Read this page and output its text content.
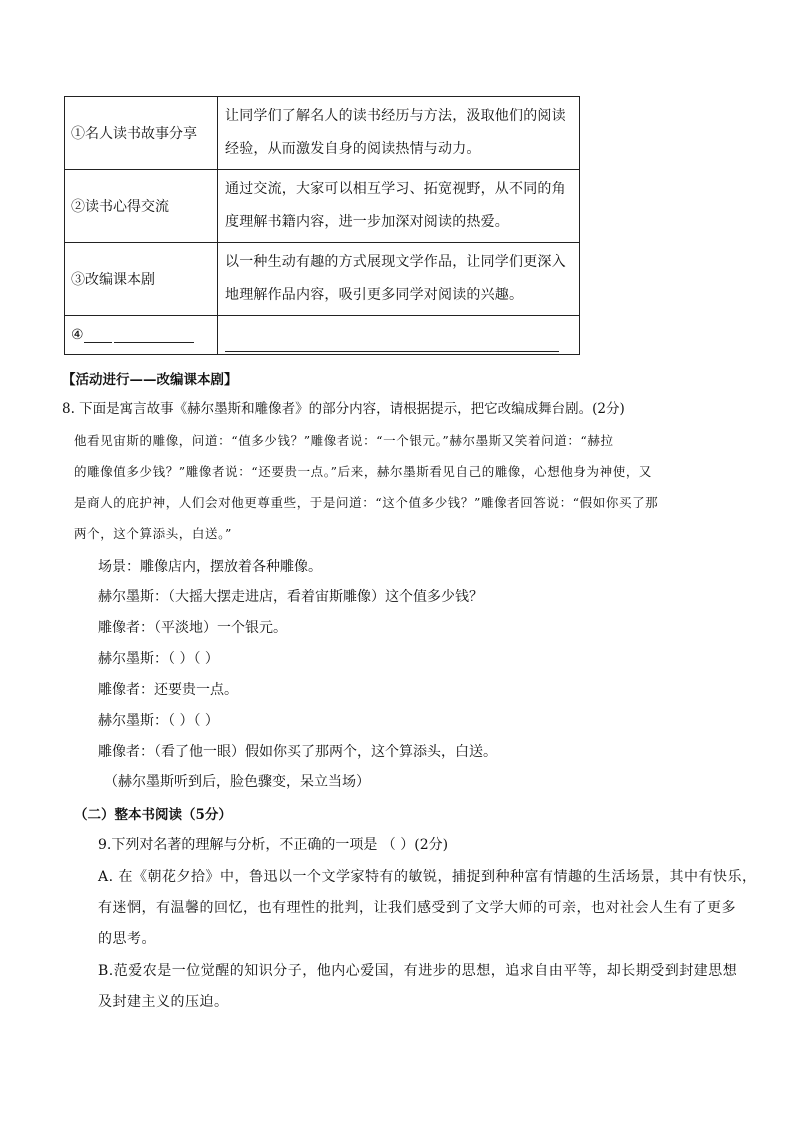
①名人读书故事分享	让同学们了解名人的读书经历与方法，汲取他们的阅读
经验，从而激发自身的阅读热情与动力。

②读书心得交流	通过交流，大家可以相互学习、拓宽视野，从不同的角
度理解书籍内容，进一步加深对阅读的热爱。

③改编课本剧	以一种生动有趣的方式展现文学作品，让同学们更深入
地理解作品内容，吸引更多同学对阅读的兴趣。

④	
【活动进行——改编课本剧】
8. 下面是寓言故事《赫尔墨斯和雕像者》的部分内容，请根据提示，把它改编成舞台剧。(2分)
他看见宙斯的雕像，问道：“值多少钱？”雕像者说：“一个银元。”赫尔墨斯又笑着问道：“赫拉
的雕像值多少钱？”雕像者说：“还要贵一点。”后来，赫尔墨斯看见自己的雕像，心想他身为神使，又
是商人的庇护神，人们会对他更尊重些，于是问道：“这个值多少钱？”雕像者回答说：“假如你买了那
两个，这个算添头，白送。”
场景：雕像店内，摆放着各种雕像。
赫尔墨斯：（大摇大摆走进店，看着宙斯雕像）这个值多少钱？
雕像者：（平淡地）一个银元。
赫尔墨斯：（ ）（ ）
雕像者：还要贵一点。
赫尔墨斯：（ ）（ ）
雕像者：（看了他一眼）假如你买了那两个，这个算添头，白送。
（赫尔墨斯听到后，脸色骤变，呆立当场）
（二）整本书阅读（5分）
9.下列对名著的理解与分析，不正确的一项是 （ ）(2分)
A. 在《朝花夕拾》中，鲁迅以一个文学家特有的敏锐，捕捉到种种富有情趣的生活场景，其中有快乐，
有迷惘，有温馨的回忆，也有理性的批判，让我们感受到了文学大师的可亲，也对社会人生有了更多
的思考。
B.范爱农是一位觉醒的知识分子，他内心爱国，有进步的思想，追求自由平等，却长期受到封建思想
及封建主义的压迫。
